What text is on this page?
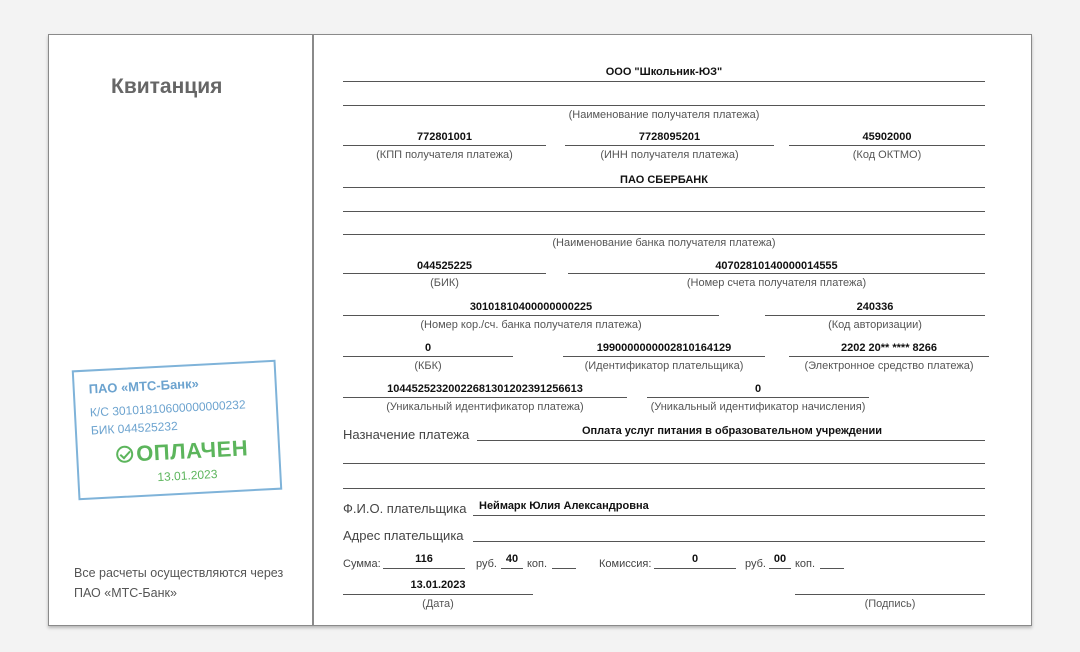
Квитанция
ПАО «МТС-Банк»
К/С 30101810600000000232
БИК 044525232
ОПЛАЧЕН
13.01.2023
Все расчеты осуществляются через ПАО «МТС-Банк»
ООО "Школьник-ЮЗ"
(Наименование получателя платежа)
772801001
(КПП получателя платежа)
7728095201
(ИНН получателя платежа)
45902000
(Код ОКТМО)
ПАО СБЕРБАНК
(Наименование банка получателя платежа)
044525225
(БИК)
40702810140000014555
(Номер счета получателя платежа)
30101810400000000225
(Номер кор./сч. банка получателя платежа)
240336
(Код авторизации)
0
(КБК)
1990000000002810164129
(Идентификатор плательщика)
2202 20** **** 8266
(Электронное средство платежа)
10445252320022681301202391256613
(Уникальный идентификатор платежа)
0
(Уникальный идентификатор начисления)
Назначение платежа	Оплата услуг питания в образовательном учреждении
Ф.И.О. плательщика Неймарк Юлия Александровна
Адрес плательщика
Сумма:	116	руб. 40 коп.	Комиссия:	0	руб. 00 коп.
13.01.2023
(Дата)	(Подпись)
